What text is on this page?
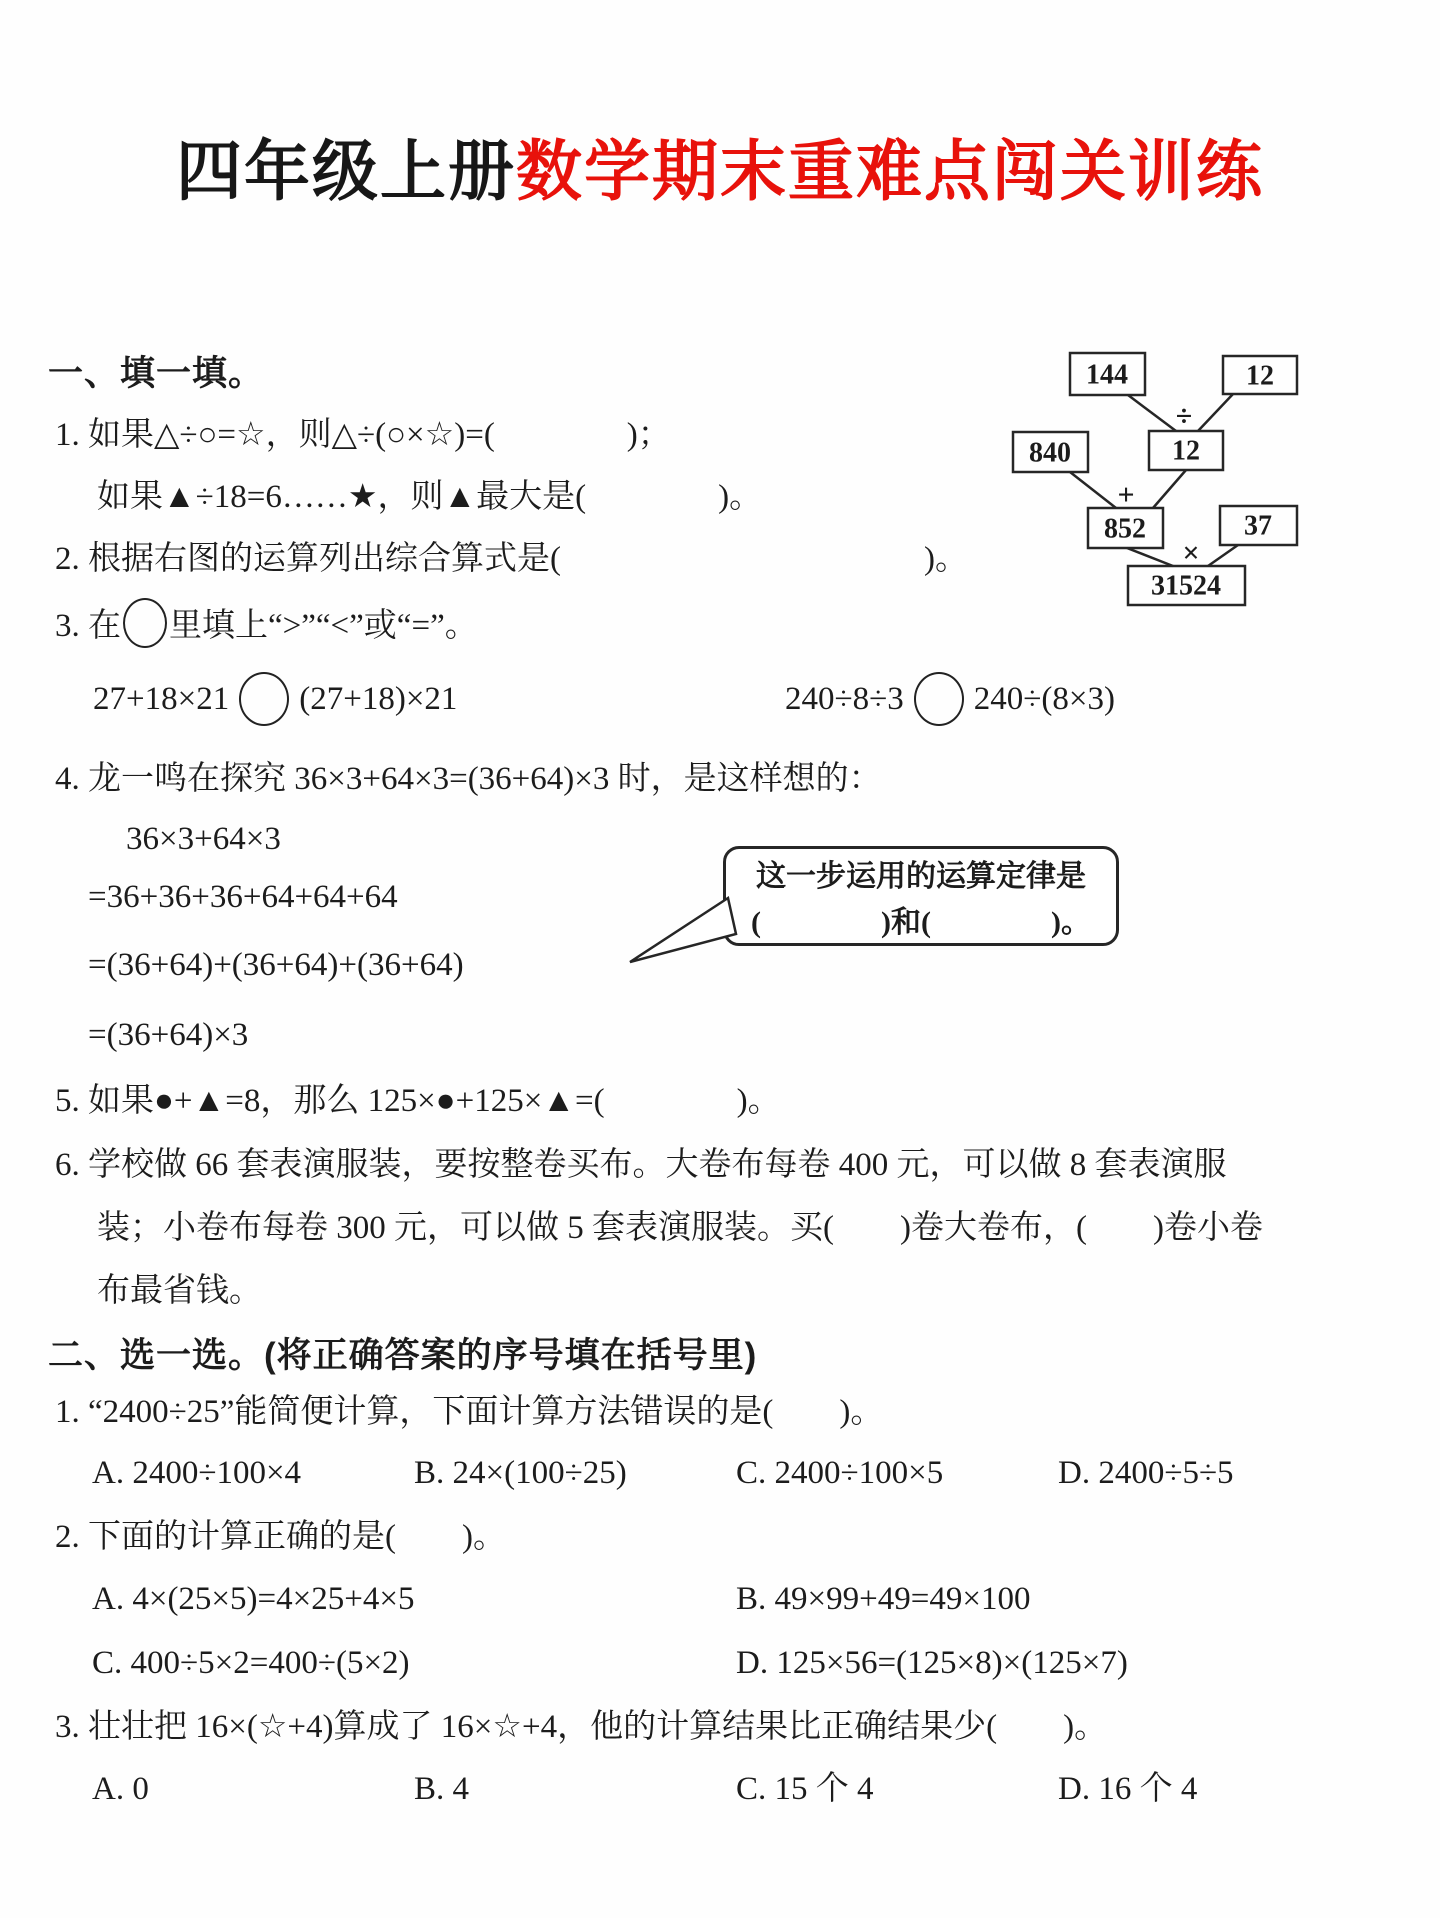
四年级上册数学期末重难点闯关训练
一、填一填。
1. 如果△÷○=☆，则△÷(○×☆)=(　　　　)；
如果▲÷18=6……★，则▲最大是(　　　　)。
2. 根据右图的运算列出综合算式是(　　　　　　　　　　　)。
3. 在 里填上“>”“<”或“=”。
27+18×21 (27+18)×21	240÷8÷3 240÷(8×3)
4. 龙一鸣在探究 36×3+64×3=(36+64)×3 时，是这样想的：
36×3+64×3
=36+36+36+64+64+64
=(36+64)+(36+64)+(36+64)
=(36+64)×3
这一步运用的运算定律是
(　　　　)和(　　　　)。
5. 如果●+▲=8，那么 125×●+125×▲=(　　　　)。
6. 学校做 66 套表演服装，要按整卷买布。大卷布每卷 400 元，可以做 8 套表演服
装；小卷布每卷 300 元，可以做 5 套表演服装。买(　　)卷大卷布，(　　)卷小卷
布最省钱。
二、选一选。(将正确答案的序号填在括号里)
1. “2400÷25”能简便计算，下面计算方法错误的是(　　)。
A. 2400÷100×4	B. 24×(100÷25)	C. 2400÷100×5	D. 2400÷5÷5
2. 下面的计算正确的是(　　)。
A. 4×(25×5)=4×25+4×5	B. 49×99+49=49×100
C. 400÷5×2=400÷(5×2)	D. 125×56=(125×8)×(125×7)
3. 壮壮把 16×(☆+4)算成了 16×☆+4，他的计算结果比正确结果少(　　)。
A. 0	B. 4	C. 15 个 4	D. 16 个 4
144	12
12
840
852	37
31524
÷
+
×
